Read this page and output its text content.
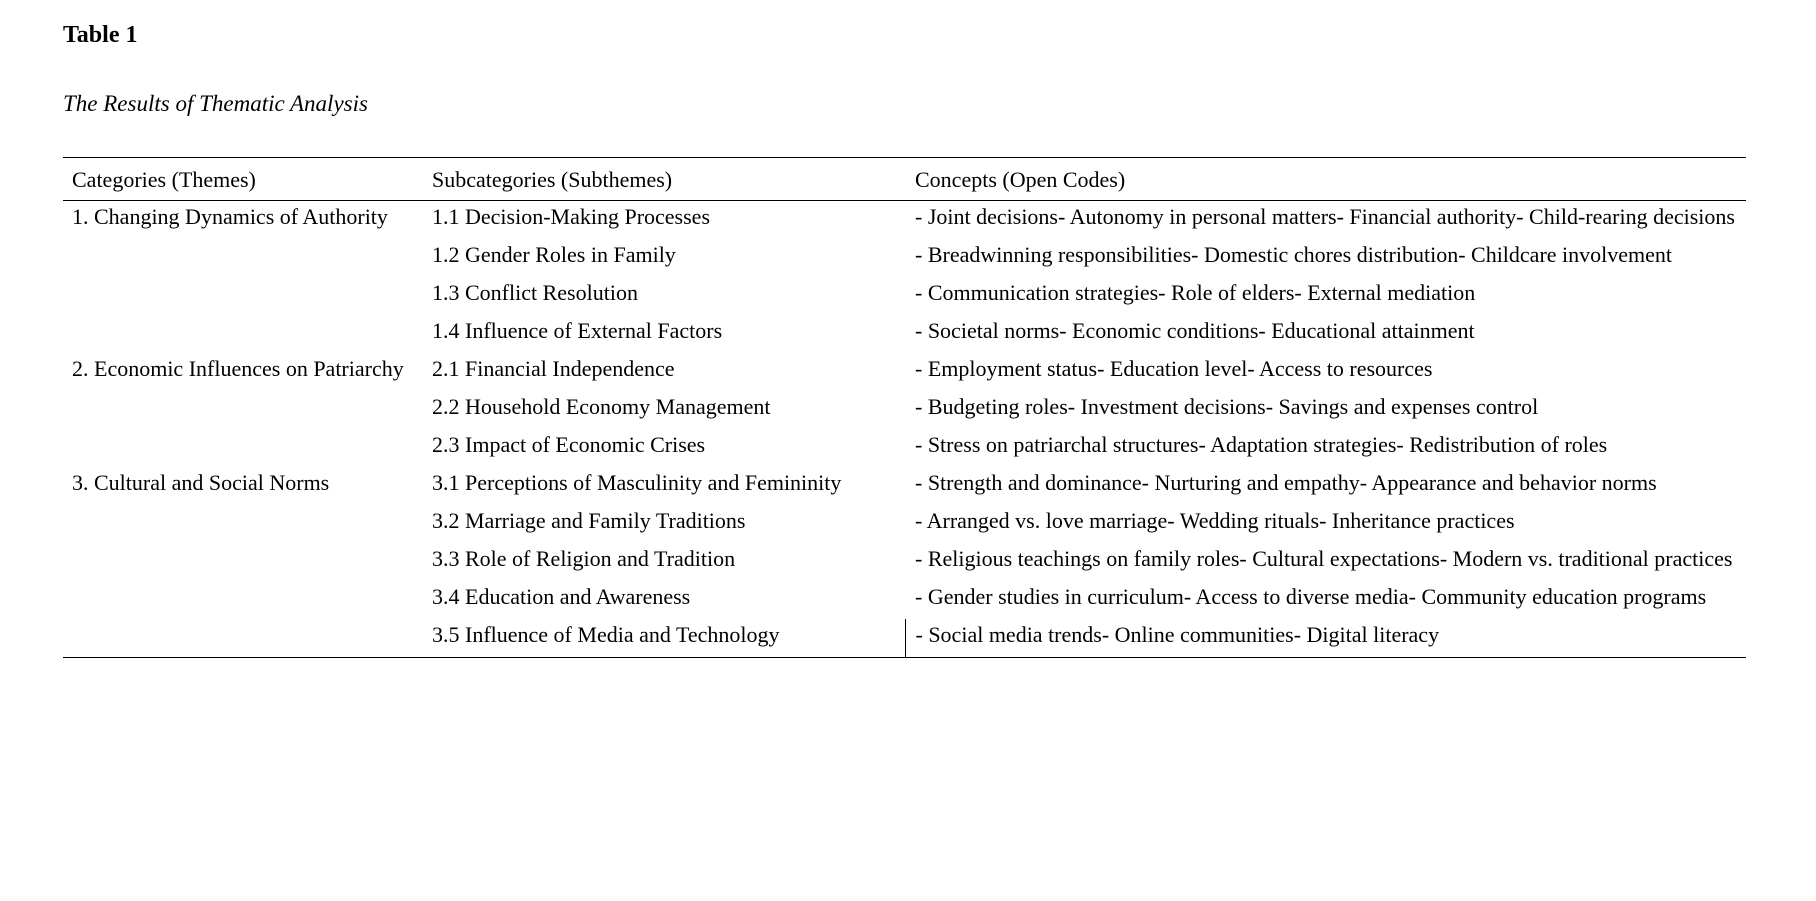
Table 1

The Results of Thematic Analysis

Categories (Themes)	Subcategories (Subthemes)	Concepts (Open Codes)
1. Changing Dynamics of Authority	1.1 Decision-Making Processes	- Joint decisions- Autonomy in personal matters- Financial authority- Child-rearing decisions
	1.2 Gender Roles in Family	- Breadwinning responsibilities- Domestic chores distribution- Childcare involvement
	1.3 Conflict Resolution	- Communication strategies- Role of elders- External mediation
	1.4 Influence of External Factors	- Societal norms- Economic conditions- Educational attainment
2. Economic Influences on Patriarchy	2.1 Financial Independence	- Employment status- Education level- Access to resources
	2.2 Household Economy Management	- Budgeting roles- Investment decisions- Savings and expenses control
	2.3 Impact of Economic Crises	- Stress on patriarchal structures- Adaptation strategies- Redistribution of roles
3. Cultural and Social Norms	3.1 Perceptions of Masculinity and Femininity	- Strength and dominance- Nurturing and empathy- Appearance and behavior norms
	3.2 Marriage and Family Traditions	- Arranged vs. love marriage- Wedding rituals- Inheritance practices
	3.3 Role of Religion and Tradition	- Religious teachings on family roles- Cultural expectations- Modern vs. traditional practices
	3.4 Education and Awareness	- Gender studies in curriculum- Access to diverse media- Community education programs
	3.5 Influence of Media and Technology	- Social media trends- Online communities- Digital literacy
